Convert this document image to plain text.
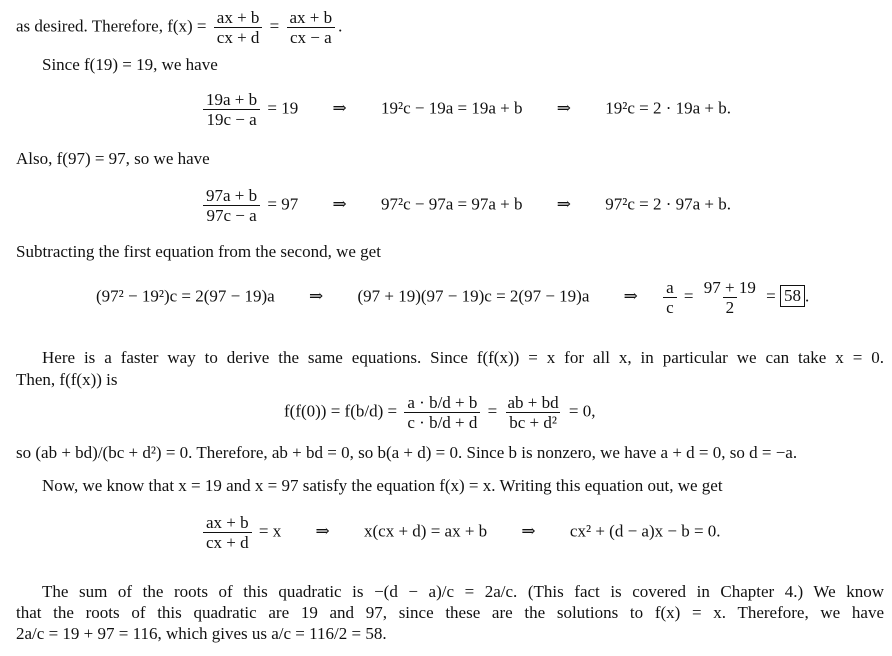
as desired. Therefore, $f(x) = \frac{ax + b}{cx + d} = \frac{ax + b}{cx - a}$ .
Since f(19) = 19, we have
$\frac{19a + b}{19c - a} = 19$ ⇒ 19²c − 19a = 19a + b ⇒ 19²c = 2 · 19a + b.
Also, f(97) = 97, so we have
$\frac{97a + b}{97c - a} = 97$ ⇒ 97²c − 97a = 97a + b ⇒ 97²c = 2 · 97a + b.
Subtracting the first equation from the second, we get
(97² − 19²)c = 2(97 − 19)a ⇒ (97 + 19)(97 − 19)c = 2(97 − 19)a ⇒ $\frac{a}{c} = \frac{97 + 19}{2} = 58$ .
Here is a faster way to derive the same equations. Since f(f(x)) = x for all x, in particular we can take x = 0.
Then, f(f(x)) is
$f(f(0)) = f(b/d) = \frac{a \cdot b/d + b}{c \cdot b/d + d} = \frac{ab + bd}{\text{bc + d²}} = 0$,
so (ab + bd)/(bc + d²) = 0. Therefore, ab + bd = 0, so b(a + d) = 0. Since b is nonzero, we have a + d = 0, so d = −a.
Now, we know that x = 19 and x = 97 satisfy the equation f(x) = x. Writing this equation out, we get
$\frac{ax + b}{cx + d} = x$ ⇒ x(cx + d) = ax + b ⇒ cx² + (d − a)x − b = 0.
The sum of the roots of this quadratic is −(d − a)/c = 2a/c. (This fact is covered in Chapter 4.) We know
that the roots of this quadratic are 19 and 97, since these are the solutions to f(x) = x. Therefore, we have
2a/c = 19 + 97 = 116, which gives us a/c = 116/2 = 58.
